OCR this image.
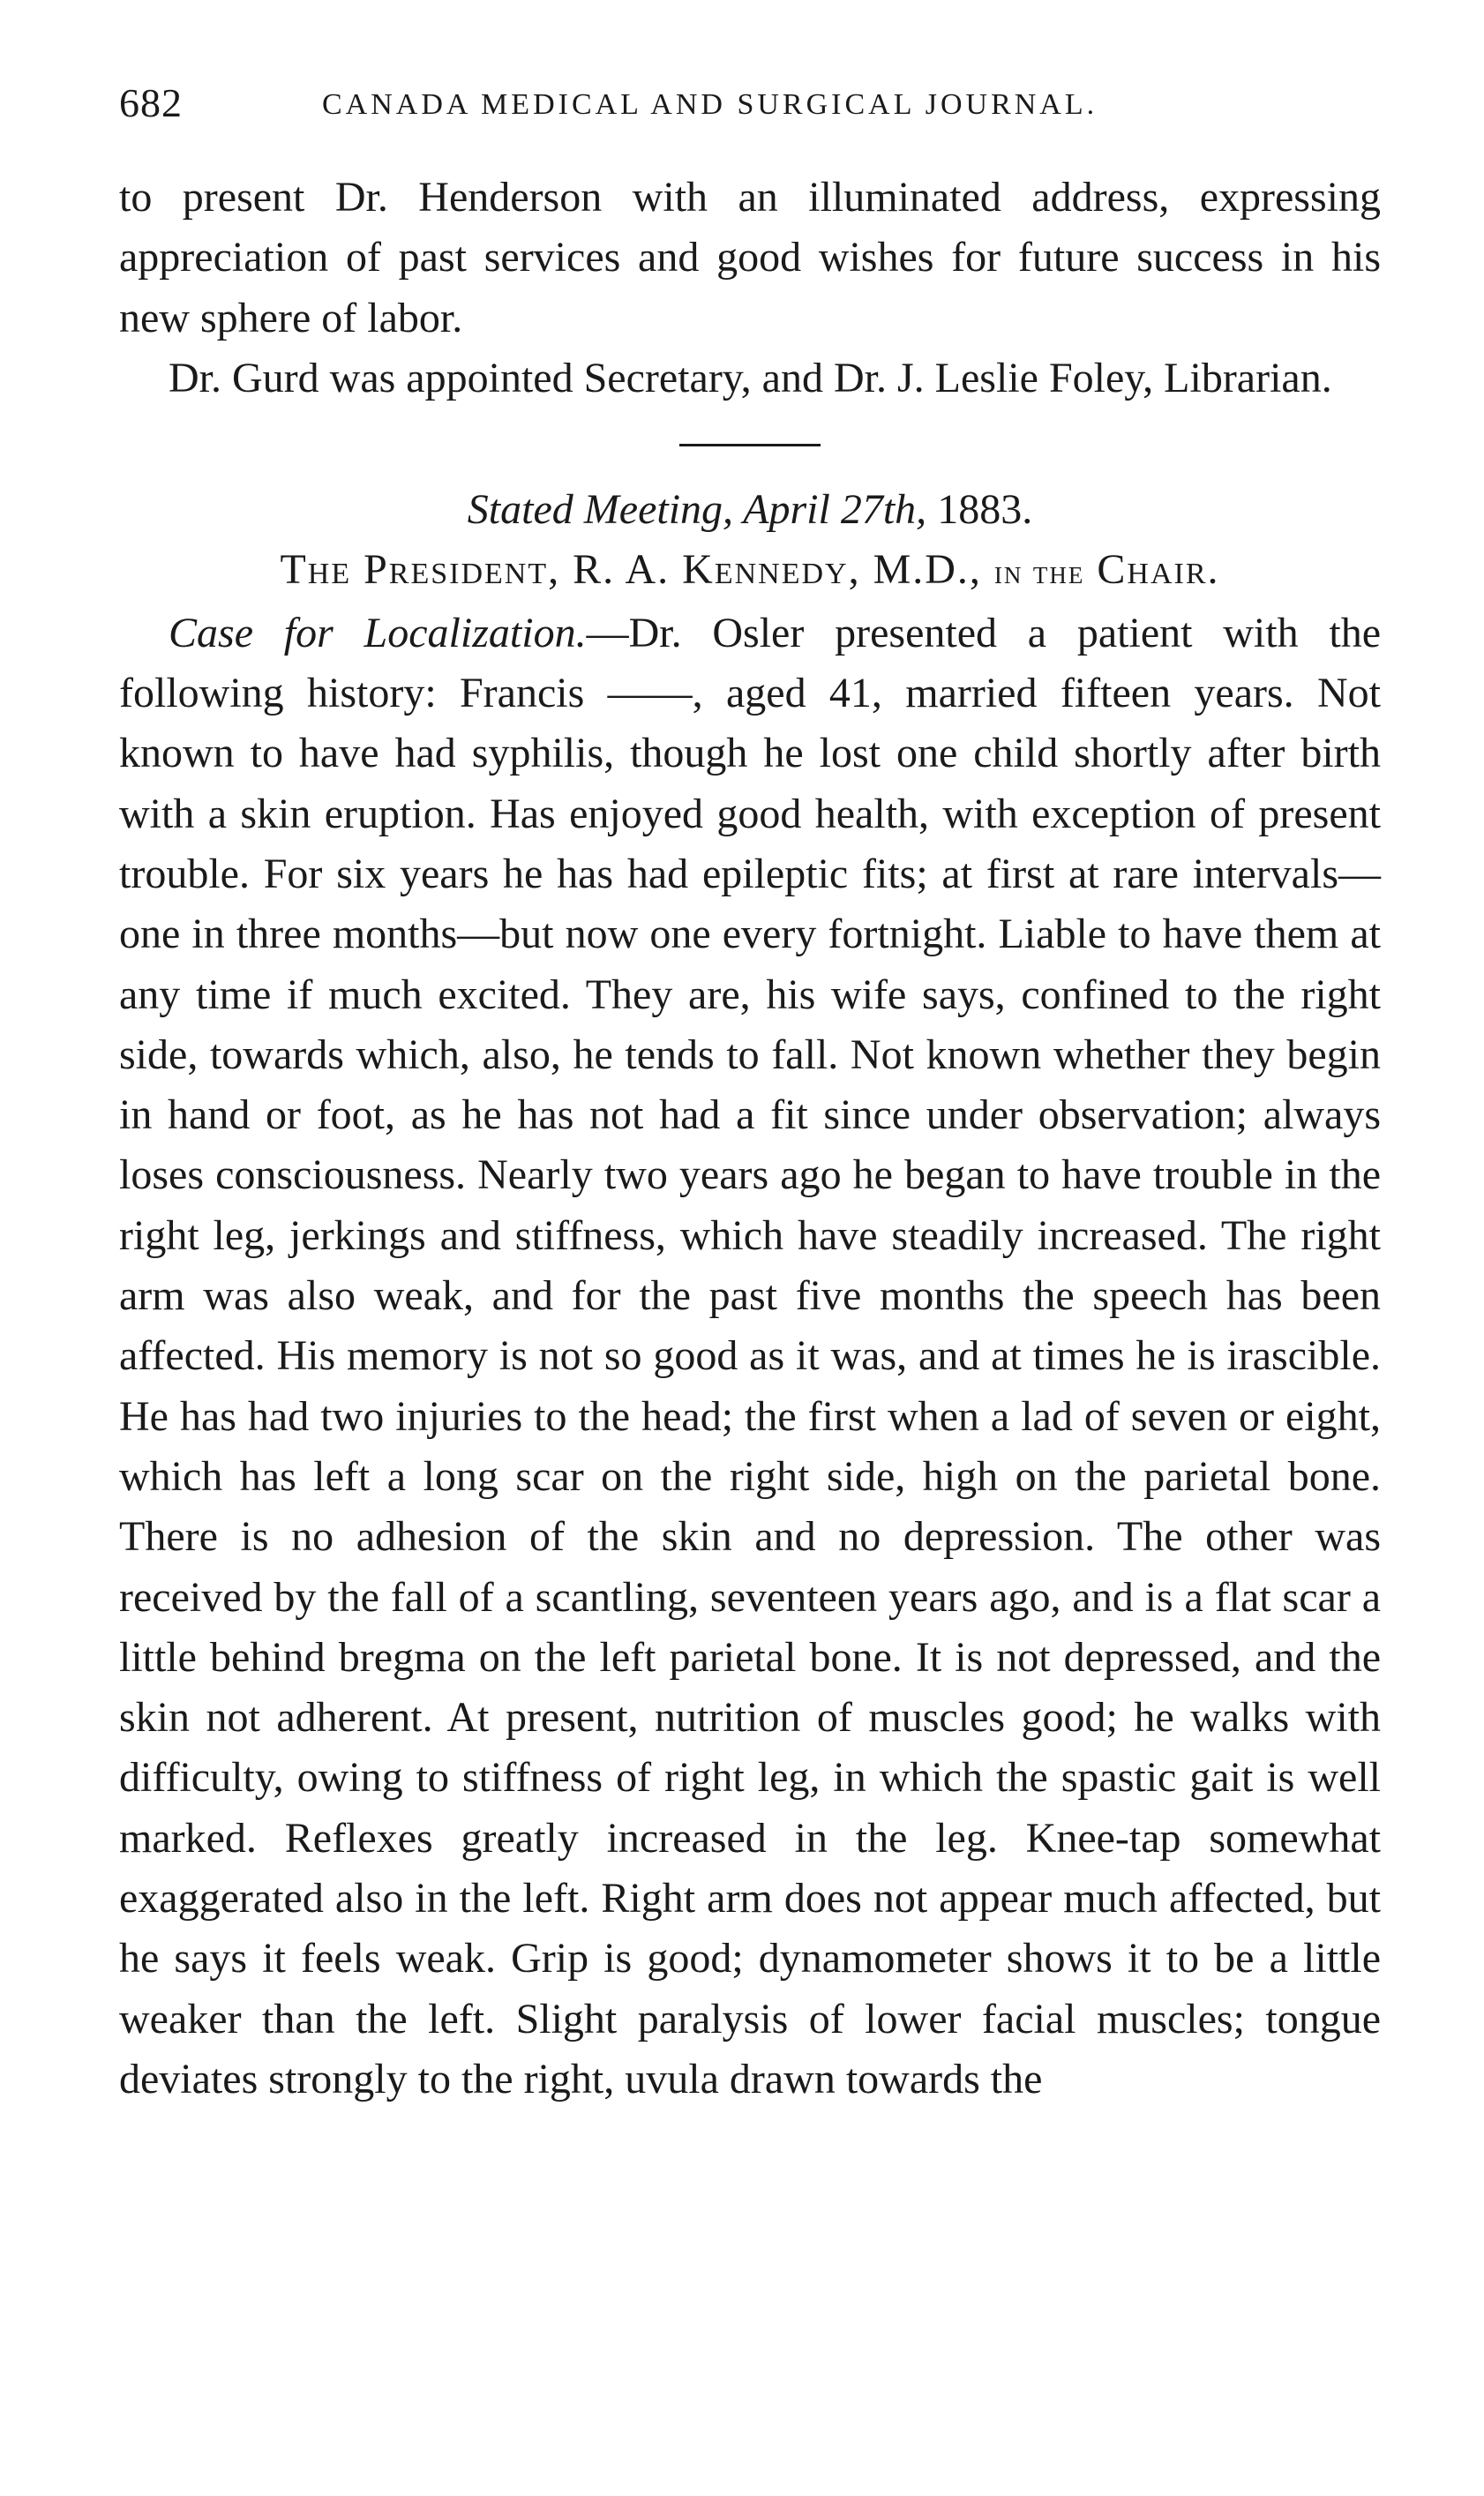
682	CANADA MEDICAL AND SURGICAL JOURNAL.

to present Dr. Henderson with an illuminated address, expressing appreciation of past services and good wishes for future success in his new sphere of labor.

Dr. Gurd was appointed Secretary, and Dr. J. Leslie Foley, Librarian.

Stated Meeting, April 27th, 1883.

The President, R. A. Kennedy, M.D., in the Chair.

Case for Localization.—Dr. Osler presented a patient with the following history: Francis ——, aged 41, married fifteen years. Not known to have had syphilis, though he lost one child shortly after birth with a skin eruption. Has enjoyed good health, with exception of present trouble. For six years he has had epileptic fits; at first at rare intervals—one in three months—but now one every fortnight. Liable to have them at any time if much excited. They are, his wife says, confined to the right side, towards which, also, he tends to fall. Not known whether they begin in hand or foot, as he has not had a fit since under observation; always loses consciousness. Nearly two years ago he began to have trouble in the right leg, jerkings and stiffness, which have steadily increased. The right arm was also weak, and for the past five months the speech has been affected. His memory is not so good as it was, and at times he is irascible. He has had two injuries to the head; the first when a lad of seven or eight, which has left a long scar on the right side, high on the parietal bone. There is no adhesion of the skin and no depression. The other was received by the fall of a scantling, seventeen years ago, and is a flat scar a little behind bregma on the left parietal bone. It is not depressed, and the skin not adherent. At present, nutrition of muscles good; he walks with difficulty, owing to stiffness of right leg, in which the spastic gait is well marked. Reflexes greatly increased in the leg. Knee-tap somewhat exaggerated also in the left. Right arm does not appear much affected, but he says it feels weak. Grip is good; dynamometer shows it to be a little weaker than the left. Slight paralysis of lower facial muscles; tongue deviates strongly to the right, uvula drawn towards the
